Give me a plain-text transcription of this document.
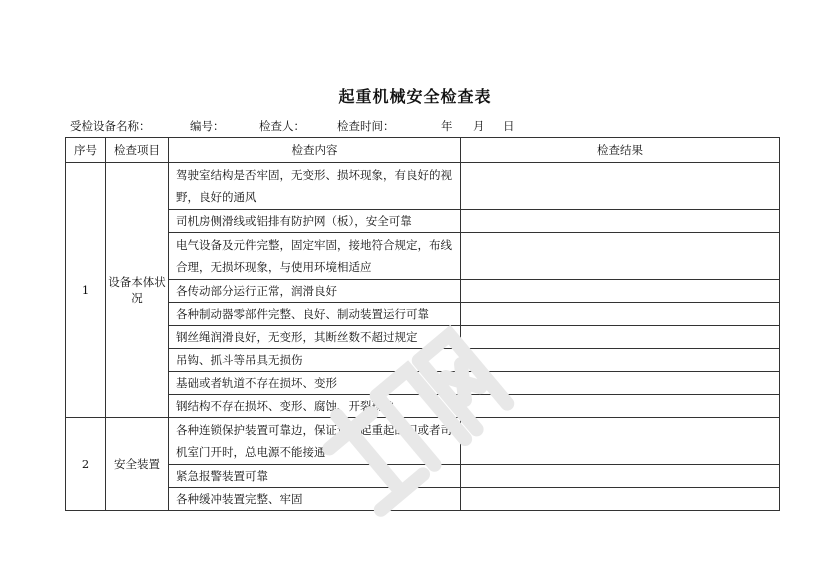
起重机械安全检查表
受检设备名称：	编号：	检查人：	检查时间：	年 月 日
序号	检查项目	检查内容	检查结果
1	设备本体状况	驾驶室结构是否牢固，无变形、损坏现象，有良好的视野，良好的通风	
		司机房侧滑线或铝排有防护网（板），安全可靠	
		电气设备及元件完整，固定牢固，接地符合规定，布线合理，无损坏现象，与使用环境相适应	
		各传动部分运行正常，润滑良好	
		各种制动器零部件完整、良好、制动装置运行可靠	
		钢丝绳润滑良好，无变形，其断丝数不超过规定	
		吊钩、抓斗等吊具无损伤	
		基础或者轨道不存在损坏、变形	
		钢结构不存在损坏、变形、腐蚀、开裂现象	
2	安全装置	各种连锁保护装置可靠边，保证进入起重起的门或者司机室门开时，总电源不能接通	
		紧急报警装置可靠	
		各种缓冲装置完整、牢固	
